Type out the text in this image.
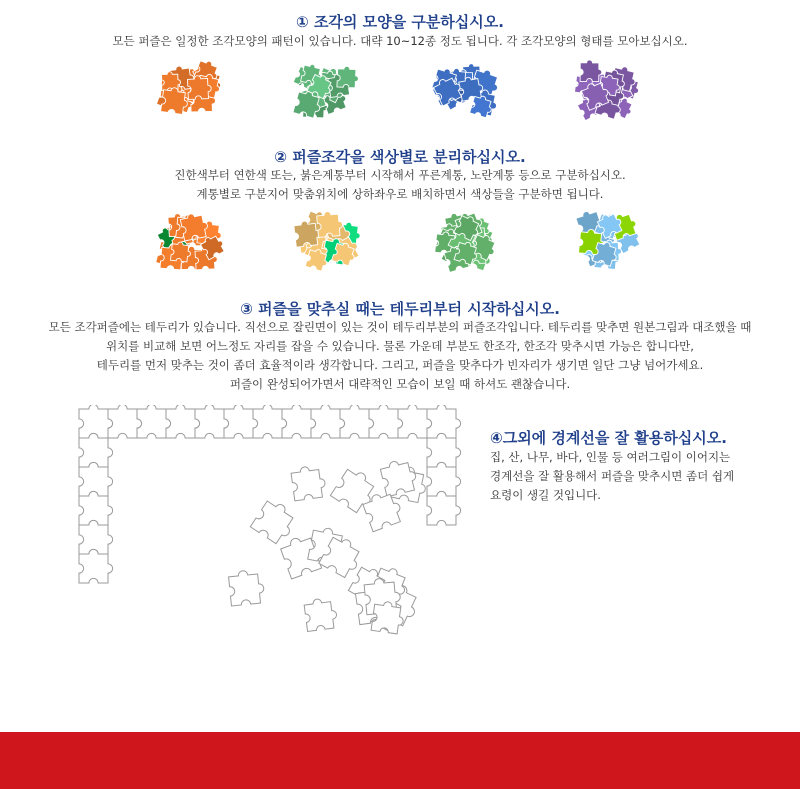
① 조각의 모양을 구분하십시오.

모든 퍼즐은 일정한 조각모양의 패턴이 있습니다. 대략 10~12종 정도 됩니다. 각 조각모양의 형태를 모아보십시오.

② 퍼즐조각을 색상별로 분리하십시오.

진한색부터 연한색 또는, 붉은계통부터 시작해서 푸른계통, 노란계통 등으로 구분하십시오.

계통별로 구분지어 맞춤위치에 상하좌우로 배치하면서 색상들을 구분하면 됩니다.

③ 퍼즐을 맞추실 때는 테두리부터 시작하십시오.

모든 조각퍼즐에는 테두리가 있습니다. 직선으로 잘린면이 있는 것이 테두리부분의 퍼즐조각입니다. 테두리를 맞추면 원본그림과 대조했을 때

위치를 비교해 보면 어느정도 자리를 잡을 수 있습니다. 물론 가운데 부분도 한조각, 한조각 맞추시면 가능은 합니다만,

테두리를 먼저 맞추는 것이 좀더 효율적이라 생각합니다. 그리고, 퍼즐을 맞추다가 빈자리가 생기면 일단 그냥 넘어가세요.

퍼즐이 완성되어가면서 대략적인 모습이 보일 때 하셔도 괜찮습니다.

④그외에 경계선을 잘 활용하십시오.
집, 산, 나무, 바다, 인물 등 여러그림이 이어지는
경계선을 잘 활용해서 퍼즐을 맞추시면 좀더 쉽게
요령이 생길 것입니다.
